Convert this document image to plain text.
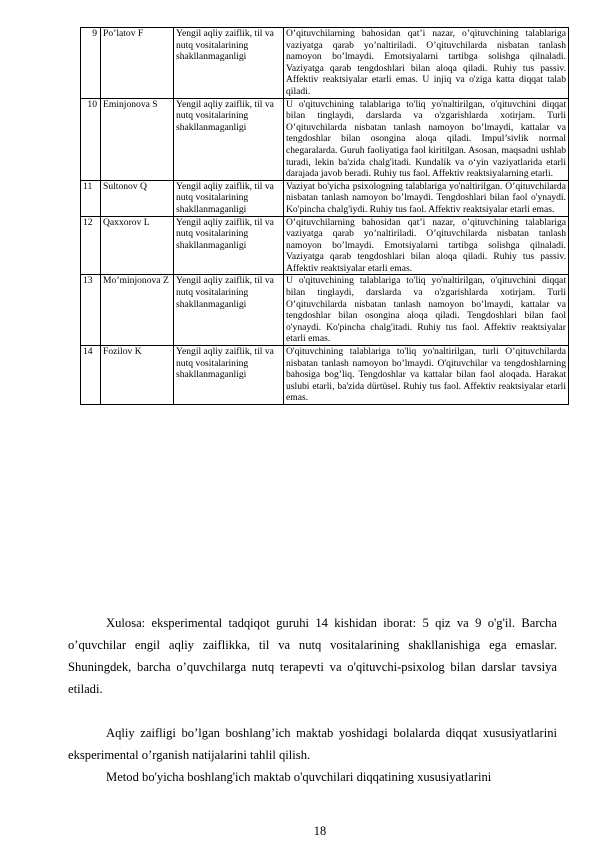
9	Po’latov F	Yengil aqliy zaiflik, til va nutq vositalarining shakllanmaganligi	O’qituvchilarning bahosidan qat’i nazar, o’qituvchining talablariga vaziyatga qarab yo’naltiriladi. O’qituvchilarda nisbatan tanlash namoyon bo’lmaydi. Emotsiyalarni tartibga solishga qilnaladi. Vaziyatga qarab tengdoshlari bilan aloqa qiladi. Ruhiy tus passiv. Affektiv reaktsiyalar etarli emas. U injiq va o'ziga katta diqqat talab qiladi.
10	Eminjonova S	Yengil aqliy zaiflik, til va nutq vositalarining shakllanmaganligi	U o'qituvchining talablariga to'liq yo'naltirilgan, o'qituvchini diqqat bilan tinglaydi, darslarda va o'zgarishlarda xotirjam. Turli O’qituvchilarda nisbatan tanlash namoyon bo’lmaydi, kattalar va tengdoshlar bilan osongina aloqa qiladi. Impul’sivlik normal chegaralarda. Guruh faoliyatiga faol kiritilgan. Asosan, maqsadni ushlab turadi, lekin ba'zida chalg'itadi. Kundalik va o‘yin vaziyatlarida etarli darajada javob beradi. Ruhiy tus faol. Affektiv reaktsiyalarning etarli.
11	Sultonov Q	Yengil aqliy zaiflik, til va nutq vositalarining shakllanmaganligi	Vaziyat bo'yicha psixologning talablariga yo'naltirilgan. O’qituvchilarda nisbatan tanlash namoyon bo’lmaydi. Tengdoshlari bilan faol o'ynaydi. Ko'pincha chalg'iydi. Ruhiy tus faol. Affektiv reaktsiyalar etarli emas.
12	Qaxxorov L	Yengil aqliy zaiflik, til va nutq vositalarining shakllanmaganligi	O’qituvchilarning bahosidan qat’i nazar, o’qituvchining talablariga vaziyatga qarab yo’naltiriladi. O’qituvchilarda nisbatan tanlash namoyon bo’lmaydi. Emotsiyalarni tartibga solishga qilnaladi. Vaziyatga qarab tengdoshlari bilan aloqa qiladi. Ruhiy tus passiv. Affektiv reaktsiyalar etarli emas.
13	Mo’minjonova Z	Yengil aqliy zaiflik, til va nutq vositalarining shakllanmaganligi	U o'qituvchining talablariga to'liq yo'naltirilgan, o'qituvchini diqqat bilan tinglaydi, darslarda va o'zgarishlarda xotirjam. Turli O’qituvchilarda nisbatan tanlash namoyon bo’lmaydi, kattalar va tengdoshlar bilan osongina aloqa qiladi. Tengdoshlari bilan faol o'ynaydi. Ko'pincha chalg'itadi. Ruhiy tus faol. Affektiv reaktsiyalar etarli emas.
14	Fozilov K	Yengil aqliy zaiflik, til va nutq vositalarining shakllanmaganligi	O'qituvchining talablariga to'liq yo'naltirilgan, turli O’qituvchilarda nisbatan tanlash namoyon bo’lmaydi. O'qituvchilar va tengdoshlarning bahosiga bog’liq. Tengdoshlar va kattalar bilan faol aloqada. Harakat uslubi etarli, ba'zida dürtüsel. Ruhiy tus faol. Affektiv reaktsiyalar etarli emas.

Xulosa: eksperimental tadqiqot guruhi 14 kishidan iborat: 5 qiz va 9 o'g'il. Barcha o’quvchilar engil aqliy zaiflikka, til va nutq vositalarining shakllanishiga ega emaslar. Shuningdek, barcha o’quvchilarga nutq terapevti va o'qituvchi-psixolog bilan darslar tavsiya etiladi.

Aqliy zaifligi bo’lgan boshlang’ich maktab yoshidagi bolalarda diqqat xususiyatlarini eksperimental o’rganish natijalarini tahlil qilish.

Metod bo'yicha boshlang'ich maktab o'quvchilari diqqatining xususiyatlarini

18
